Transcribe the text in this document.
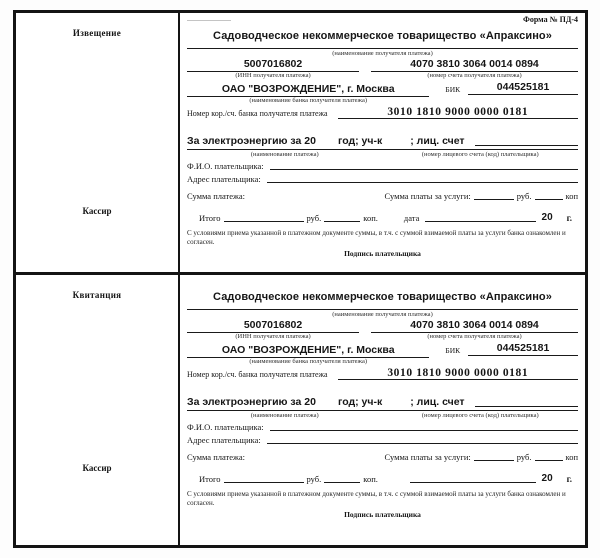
Извещение
Кассир
Форма № ПД-4
Садоводческое некоммерческое товарищество «Апраксино»
(наименование получателя платежа)
5007016802
(ИНН получателя платежа)
4070 3810 3064 0014 0894
(номер счета получателя платежа)
ОАО "ВОЗРОЖДЕНИЕ", г. Москва
(наименование банка получателя платежа)
БИК	044525181
Номер кор./сч. банка получателя платежа	3010 1810 9000 0000 0181
За электроэнергию за 20 год; уч-к	; лиц. счет
(наименование платежа)	(номер лицевого счета (код) плательщика)
Ф.И.О. плательщика:
Адрес плательщика:
Сумма платежа:	Сумма платы за услуги:	руб.	коп
Итого	руб.	коп.	дата	20 г.
С условиями приема указанной в платежном документе суммы, в т.ч. с суммой взимаемой платы за услуги банка ознакомлен и согласен.
Подпись плательщика
Квитанция
Кассир
Садоводческое некоммерческое товарищество «Апраксино»
(наименование получателя платежа)
5007016802
(ИНН получателя платежа)
4070 3810 3064 0014 0894
(номер счета получателя платежа)
ОАО "ВОЗРОЖДЕНИЕ", г. Москва
(наименование банка получателя платежа)
БИК	044525181
Номер кор./сч. банка получателя платежа	3010 1810 9000 0000 0181
За электроэнергию за 20 год; уч-к	; лиц. счет
(наименование платежа)	(номер лицевого счета (код) плательщика)
Ф.И.О. плательщика:
Адрес плательщика:
Сумма платежа:	Сумма платы за услуги:	руб.	коп
Итого	руб.	коп.	20 г.
С условиями приема указанной в платежном документе суммы, в т.ч. с суммой взимаемой платы за услуги банка ознакомлен и согласен.
Подпись плательщика
